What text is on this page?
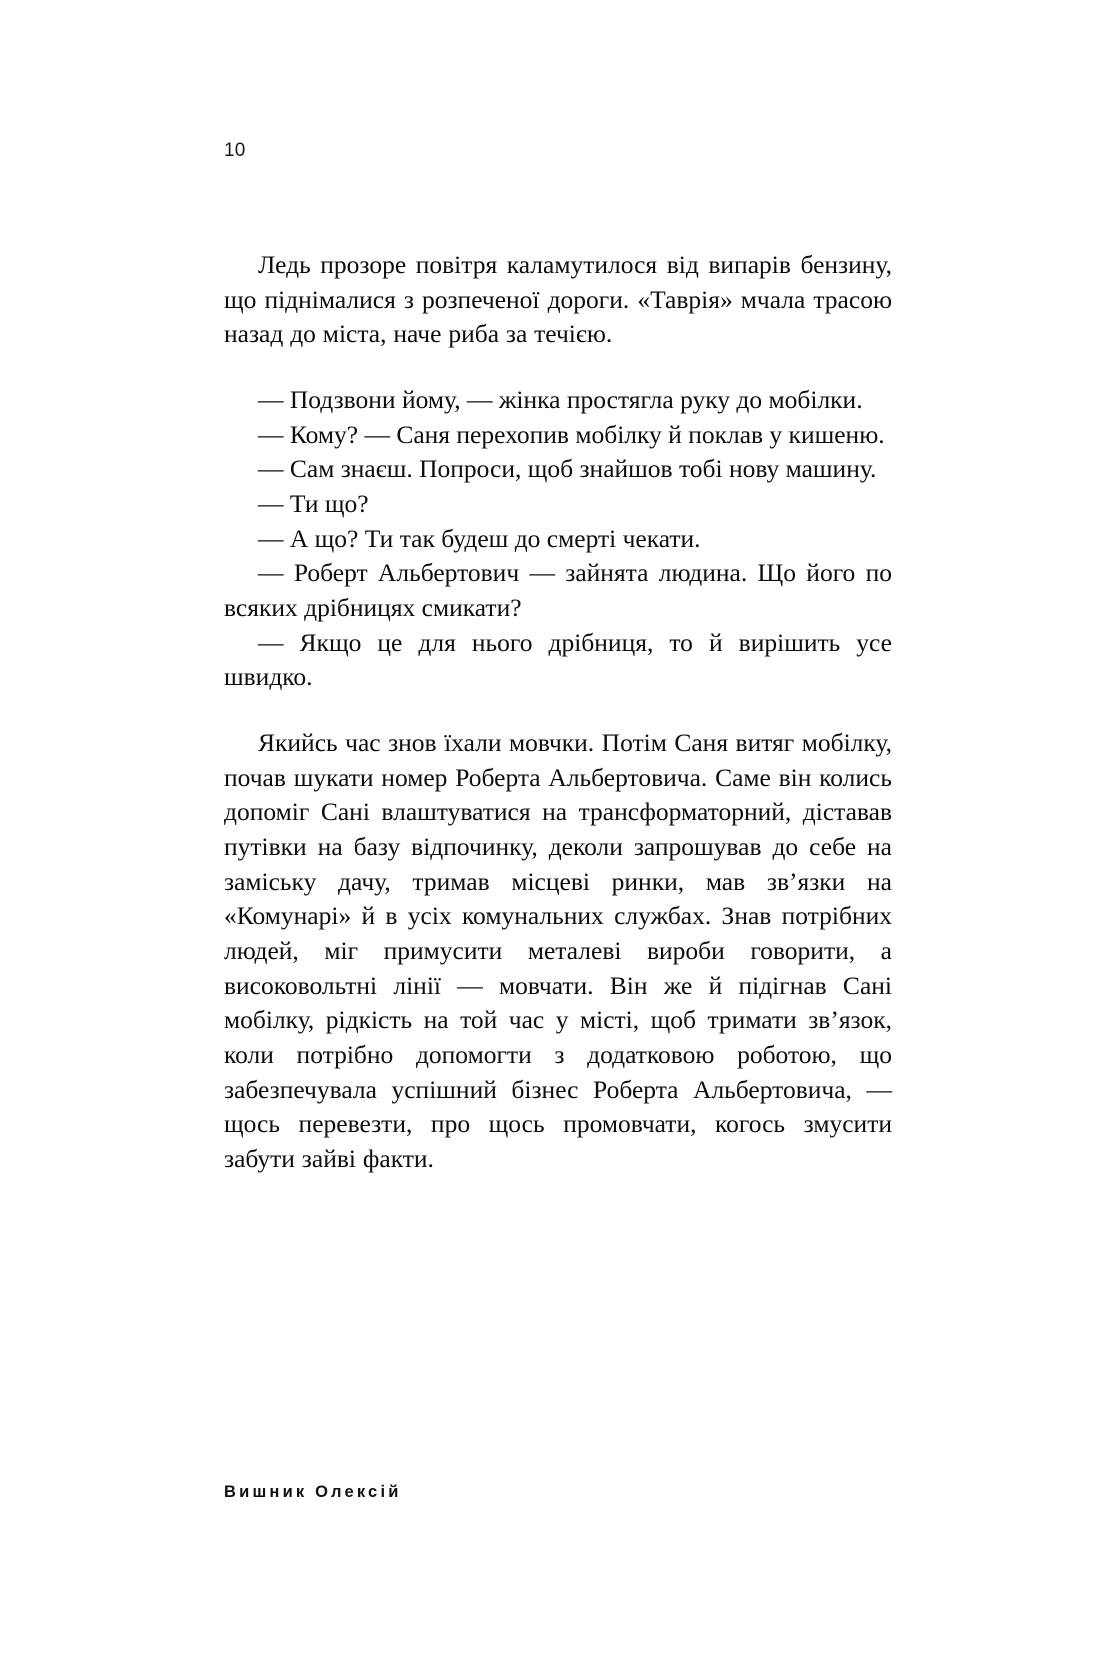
10

Ледь прозоре повітря каламутилося від випарів бензину, що піднімалися з розпеченої дороги. «Таврія» мчала трасою назад до міста, наче риба за течією.

— Подзвони йому, — жінка простягла руку до мобілки.

— Кому? — Саня перехопив мобілку й поклав у кишеню.

— Сам знаєш. Попроси, щоб знайшов тобі нову машину.

— Ти що?

— А що? Ти так будеш до смерті чекати.

— Роберт Альбертович — зайнята людина. Що його по всяких дрібницях смикати?

— Якщо це для нього дрібниця, то й вирішить усе швидко.

Якийсь час знов їхали мовчки. Потім Саня витяг мобілку, почав шукати номер Роберта Альбертовича. Саме він колись допоміг Сані влаштуватися на трансформаторний, діставав путівки на базу відпочинку, деколи запрошував до себе на заміську дачу, тримав місцеві ринки, мав зв’язки на «Комунарі» й в усіх комунальних службах. Знав потрібних людей, міг примусити металеві вироби говорити, а високовольтні лінії — мовчати. Він же й підігнав Сані мобілку, рідкість на той час у місті, щоб тримати зв’язок, коли потрібно допомогти з додатковою роботою, що забезпечувала успішний бізнес Роберта Альбертовича, — щось перевезти, про щось промовчати, когось змусити забути зайві факти.

Вишник Олексій
